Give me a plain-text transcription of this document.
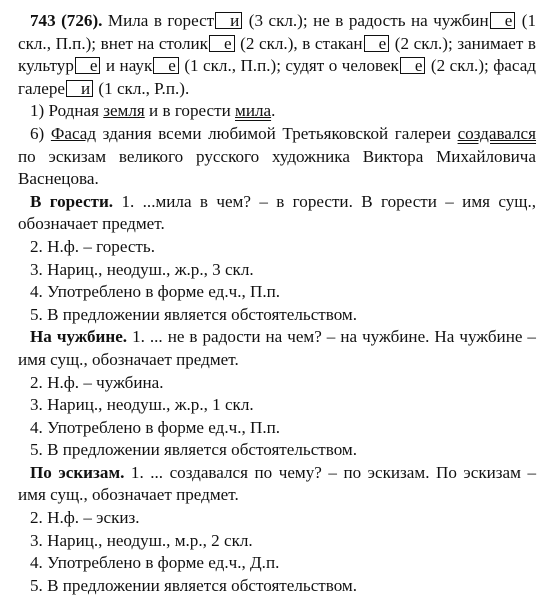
743 (726). Мила в горест и (3 скл.); не в радость на чужбин е (1 скл., П.п.); внет на столик е (2 скл.), в стакан е (2 скл.); занимает в культур е и наук е (1 скл., П.п.); судят о человек е (2 скл.); фасад галере и (1 скл., Р.п.).

1) Родная земля и в горести мила.

6) Фасад здания всеми любимой Третьяковской галереи создавался по эскизам великого русского художника Виктора Михайловича Васнецова.

В горести. 1. ...мила в чем? – в горести. В горести – имя сущ., обозначает предмет.

2. Н.ф. – горесть.

3. Нариц., неодуш., ж.р., 3 скл.

4. Употреблено в форме ед.ч., П.п.

5. В предложении является обстоятельством.

На чужбине. 1. ... не в радости на чем? – на чужбине. На чужбине – имя сущ., обозначает предмет.

2. Н.ф. – чужбина.

3. Нариц., неодуш., ж.р., 1 скл.

4. Употреблено в форме ед.ч., П.п.

5. В предложении является обстоятельством.

По эскизам. 1. ... создавался по чему? – по эскизам. По эскизам – имя сущ., обозначает предмет.

2. Н.ф. – эскиз.

3. Нариц., неодуш., м.р., 2 скл.

4. Употреблено в форме ед.ч., Д.п.

5. В предложении является обстоятельством.
